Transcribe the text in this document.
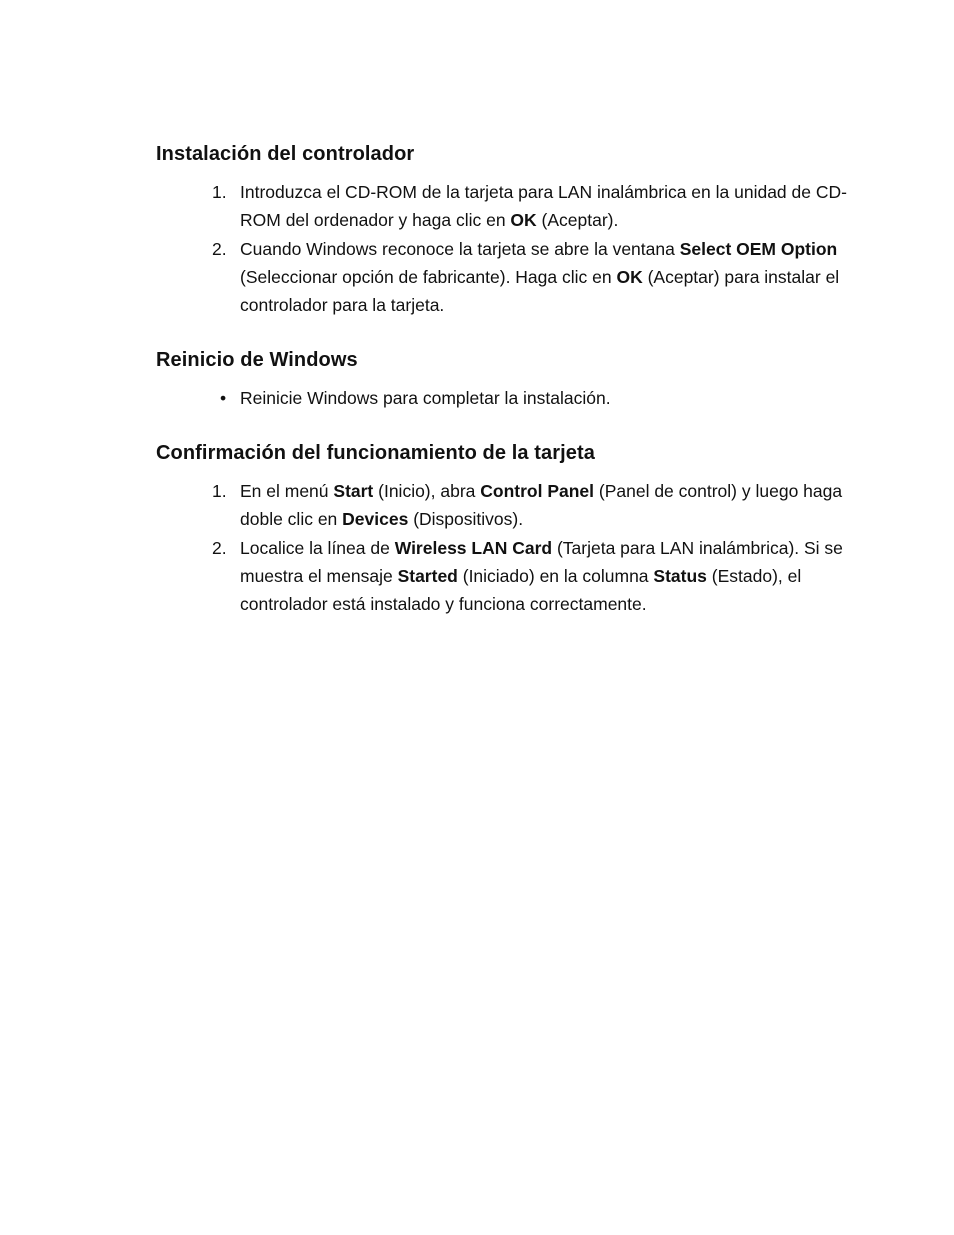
Instalación del controlador
1. Introduzca el CD-ROM de la tarjeta para LAN inalámbrica en la unidad de CD-ROM del ordenador y haga clic en OK (Aceptar).
2. Cuando Windows reconoce la tarjeta se abre la ventana Select OEM Option (Seleccionar opción de fabricante). Haga clic en OK (Aceptar) para instalar el controlador para la tarjeta.
Reinicio de Windows
• Reinicie Windows para completar la instalación.
Confirmación del funcionamiento de la tarjeta
1. En el menú Start (Inicio), abra Control Panel (Panel de control) y luego haga doble clic en Devices (Dispositivos).
2. Localice la línea de Wireless LAN Card (Tarjeta para LAN inalámbrica). Si se muestra el mensaje Started (Iniciado) en la columna Status (Estado), el controlador está instalado y funciona correctamente.
